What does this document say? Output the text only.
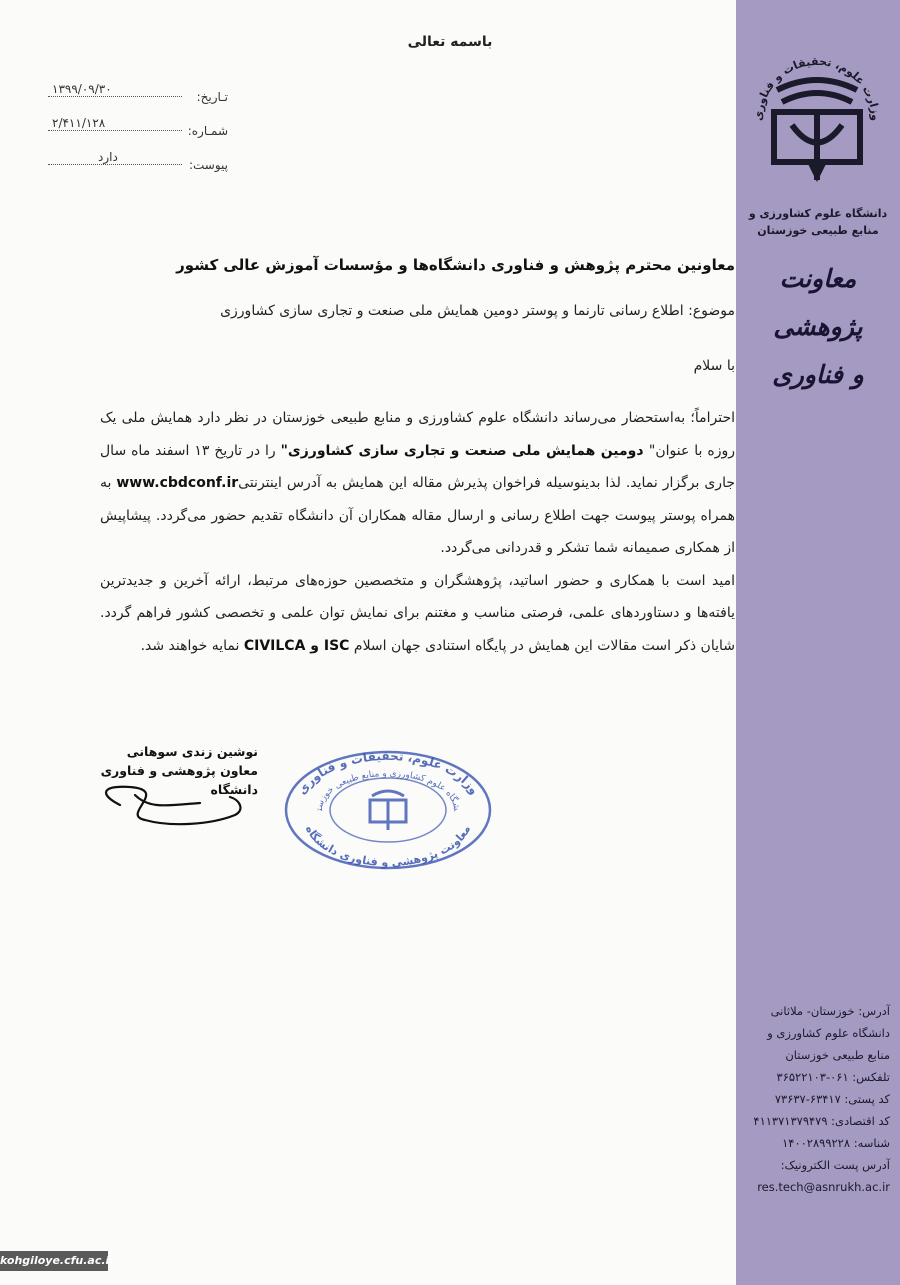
وزارت علوم، تحقیقات و فناوری
دانشگاه علوم کشاورزی و
منابع طبیعی خوزستان
معاونت پژوهشی
و فناوری
آدرس: خوزستان- ملاثانی
دانشگاه علوم کشاورزی و
منابع طبیعی خوزستان
تلفکس: ۰۶۱-۳۶۵۲۲۱۰۳
کد پستی: ۶۳۴۱۷-۷۳۶۳۷
کد اقتصادی: ۴۱۱۳۷۱۳۷۹۴۷۹
شناسه: ۱۴۰۰۲۸۹۹۲۲۸
آدرس پست الکترونیک:
res.tech@asnrukh.ac.ir
باسمه تعالی
تـاریخ:
۱۳۹۹/۰۹/۳۰
شمـاره:
۲/۴۱۱/۱۲۸
پیوست:
دارد
معاونین محترم پژوهش و فناوری دانشگاه‌ها و مؤسسات آموزش عالی کشور
موضوع: اطلاع رسانی تارنما و پوستر دومین همایش ملی صنعت و تجاری سازی کشاورزی
با سلام

احتراماً؛ به‌استحضار می‌رساند دانشگاه علوم کشاورزی و منابع طبیعی خوزستان در نظر دارد همایش ملی یک روزه با عنوان" دومین همایش ملی صنعت و تجاری سازی کشاورزی" را در تاریخ ۱۳ اسفند ماه سال جاری برگزار نماید. لذا بدینوسیله فراخوان پذیرش مقاله این همایش به آدرس اینترنتیwww.cbdconf.ir به همراه پوستر پیوست جهت اطلاع رسانی و ارسال مقاله همکاران آن دانشگاه تقدیم حضور می‌گردد. پیشاپیش از همکاری صمیمانه شما تشکر و قدردانی می‌گردد.

امید است با همکاری و حضور اساتید، پژوهشگران و متخصصین حوزه‌های مرتبط، ارائه آخرین و جدیدترین یافته‌ها و دستاوردهای علمی، فرصتی مناسب و مغتنم برای نمایش توان علمی و تخصصی کشور فراهم گردد. شایان ذکر است مقالات این همایش در پایگاه استنادی جهان اسلام ISC و CIVILCA نمایه خواهند شد.

نوشین زندی سوهانی
معاون پژوهشی و فناوری دانشگاه	وزارت علوم، تحقیقات و فناوری
شگاه علوم کشاورزی و منابع طبیعی خوزست
معاونت پژوهشی و فناوری دانشگاه
kohgiloye.cfu.ac.ir
